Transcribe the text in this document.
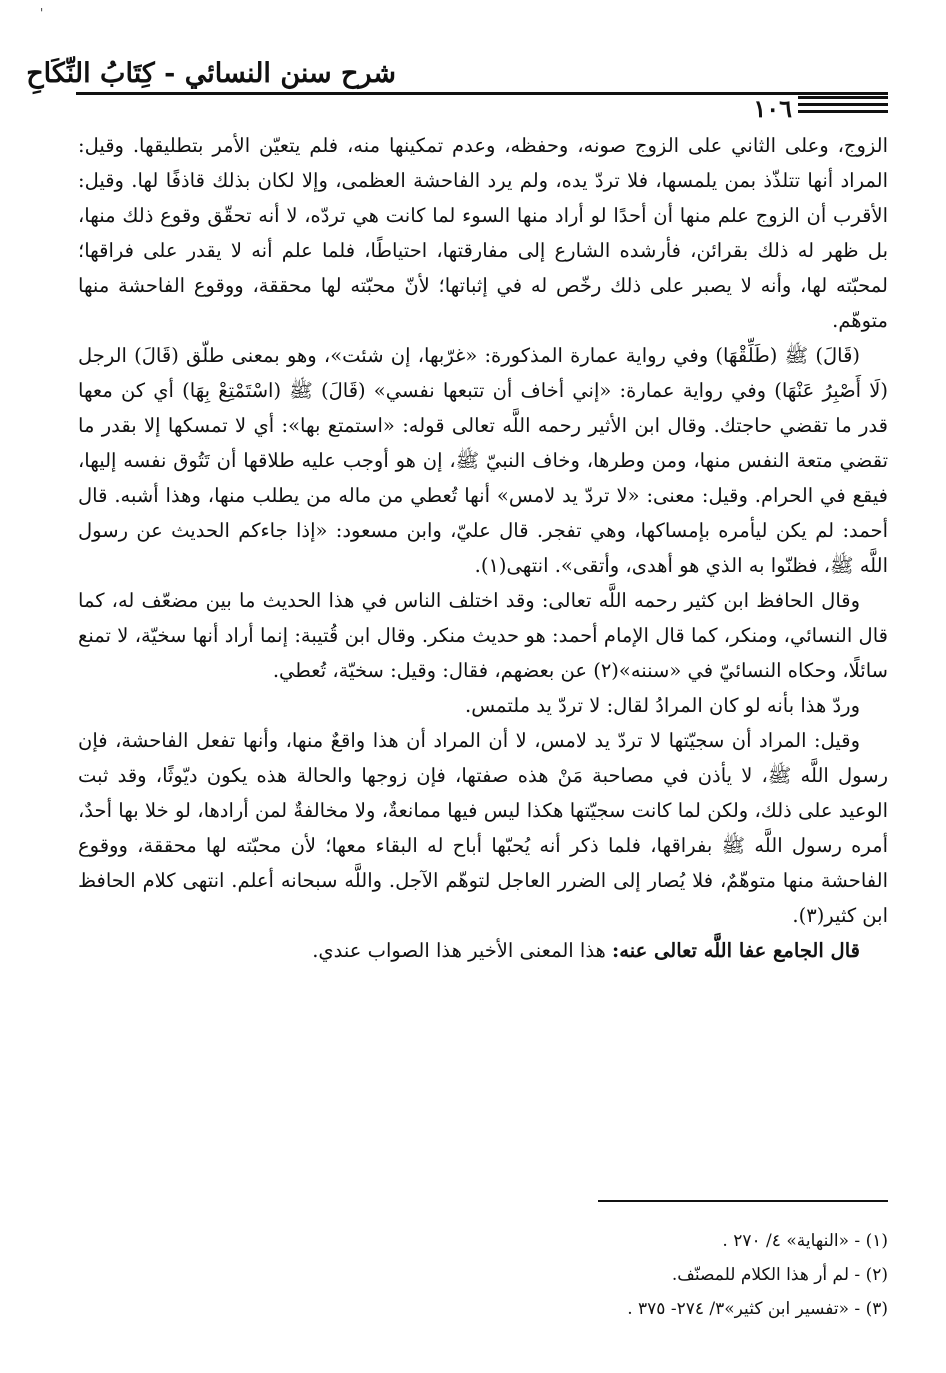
'
شرح سنن النسائي - كِتَابُ النِّكَاحِ
١٠٦

الزوج، وعلى الثاني على الزوج صونه، وحفظه، وعدم تمكينها منه، فلم يتعيّن الأمر بتطليقها. وقيل: المراد أنها تتلذّذ بمن يلمسها، فلا تردّ يده، ولم يرد الفاحشة العظمى، وإلا لكان بذلك قاذفًا لها. وقيل: الأقرب أن الزوج علم منها أن أحدًا لو أراد منها السوء لما كانت هي تردّه، لا أنه تحقّق وقوع ذلك منها، بل ظهر له ذلك بقرائن، فأرشده الشارع إلى مفارقتها، احتياطًا، فلما علم أنه لا يقدر على فراقها؛ لمحبّته لها، وأنه لا يصبر على ذلك رخّص له في إثباتها؛ لأنّ محبّته لها محققة، ووقوع الفاحشة منها متوهّم.

(قَالَ) ﷺ (طَلِّقْهَا) وفي رواية عمارة المذكورة: «غرّبها، إن شئت»، وهو بمعنى طلّق (قَالَ) الرجل (لَا أَصْبِرُ عَنْهَا) وفي رواية عمارة: «إني أخاف أن تتبعها نفسي» (قَالَ) ﷺ (اسْتَمْتِعْ بِهَا) أي كن معها قدر ما تقضي حاجتك. وقال ابن الأثير رحمه اللَّه تعالى قوله: «استمتع بها»: أي لا تمسكها إلا بقدر ما تقضي متعة النفس منها، ومن وطرها، وخاف النبيّ ﷺ، إن هو أوجب عليه طلاقها أن تَتُوق نفسه إليها، فيقع في الحرام. وقيل: معنى: «لا تردّ يد لامس» أنها تُعطي من ماله من يطلب منها، وهذا أشبه. قال أحمد: لم يكن ليأمره بإمساكها، وهي تفجر. قال عليّ، وابن مسعود: «إذا جاءكم الحديث عن رسول اللَّه ﷺ، فظنّوا به الذي هو أهدى، وأتقى». انتهى(١).

وقال الحافظ ابن كثير رحمه اللَّه تعالى: وقد اختلف الناس في هذا الحديث ما بين مضعّف له، كما قال النسائي، ومنكر، كما قال الإمام أحمد: هو حديث منكر. وقال ابن قُتيبة: إنما أراد أنها سخيّة، لا تمنع سائلًا، وحكاه النسائيّ في «سننه»(٢) عن بعضهم، فقال: وقيل: سخيّة، تُعطي.

وردّ هذا بأنه لو كان المرادُ لقال: لا تردّ يد ملتمس.

وقيل: المراد أن سجيّتها لا تردّ يد لامس، لا أن المراد أن هذا واقعٌ منها، وأنها تفعل الفاحشة، فإن رسول اللَّه ﷺ، لا يأذن في مصاحبة مَنْ هذه صفتها، فإن زوجها والحالة هذه يكون ديّوثًا، وقد ثبت الوعيد على ذلك، ولكن لما كانت سجيّتها هكذا ليس فيها ممانعةٌ، ولا مخالفةٌ لمن أرادها، لو خلا بها أحدٌ، أمره رسول اللَّه ﷺ بفراقها، فلما ذكر أنه يُحبّها أباح له البقاء معها؛ لأن محبّته لها محققة، ووقوع الفاحشة منها متوهّمٌ، فلا يُصار إلى الضرر العاجل لتوهّم الآجل. واللَّه سبحانه أعلم. انتهى كلام الحافظ ابن كثير(٣).

قال الجامع عفا اللَّه تعالى عنه: هذا المعنى الأخير هذا الصواب عندي.

(١) - «النهاية» ٤/ ٢٧٠ .
(٢) - لم أر هذا الكلام للمصنّف.
(٣) - «تفسير ابن كثير»٣/ ٢٧٤- ٣٧٥ .
